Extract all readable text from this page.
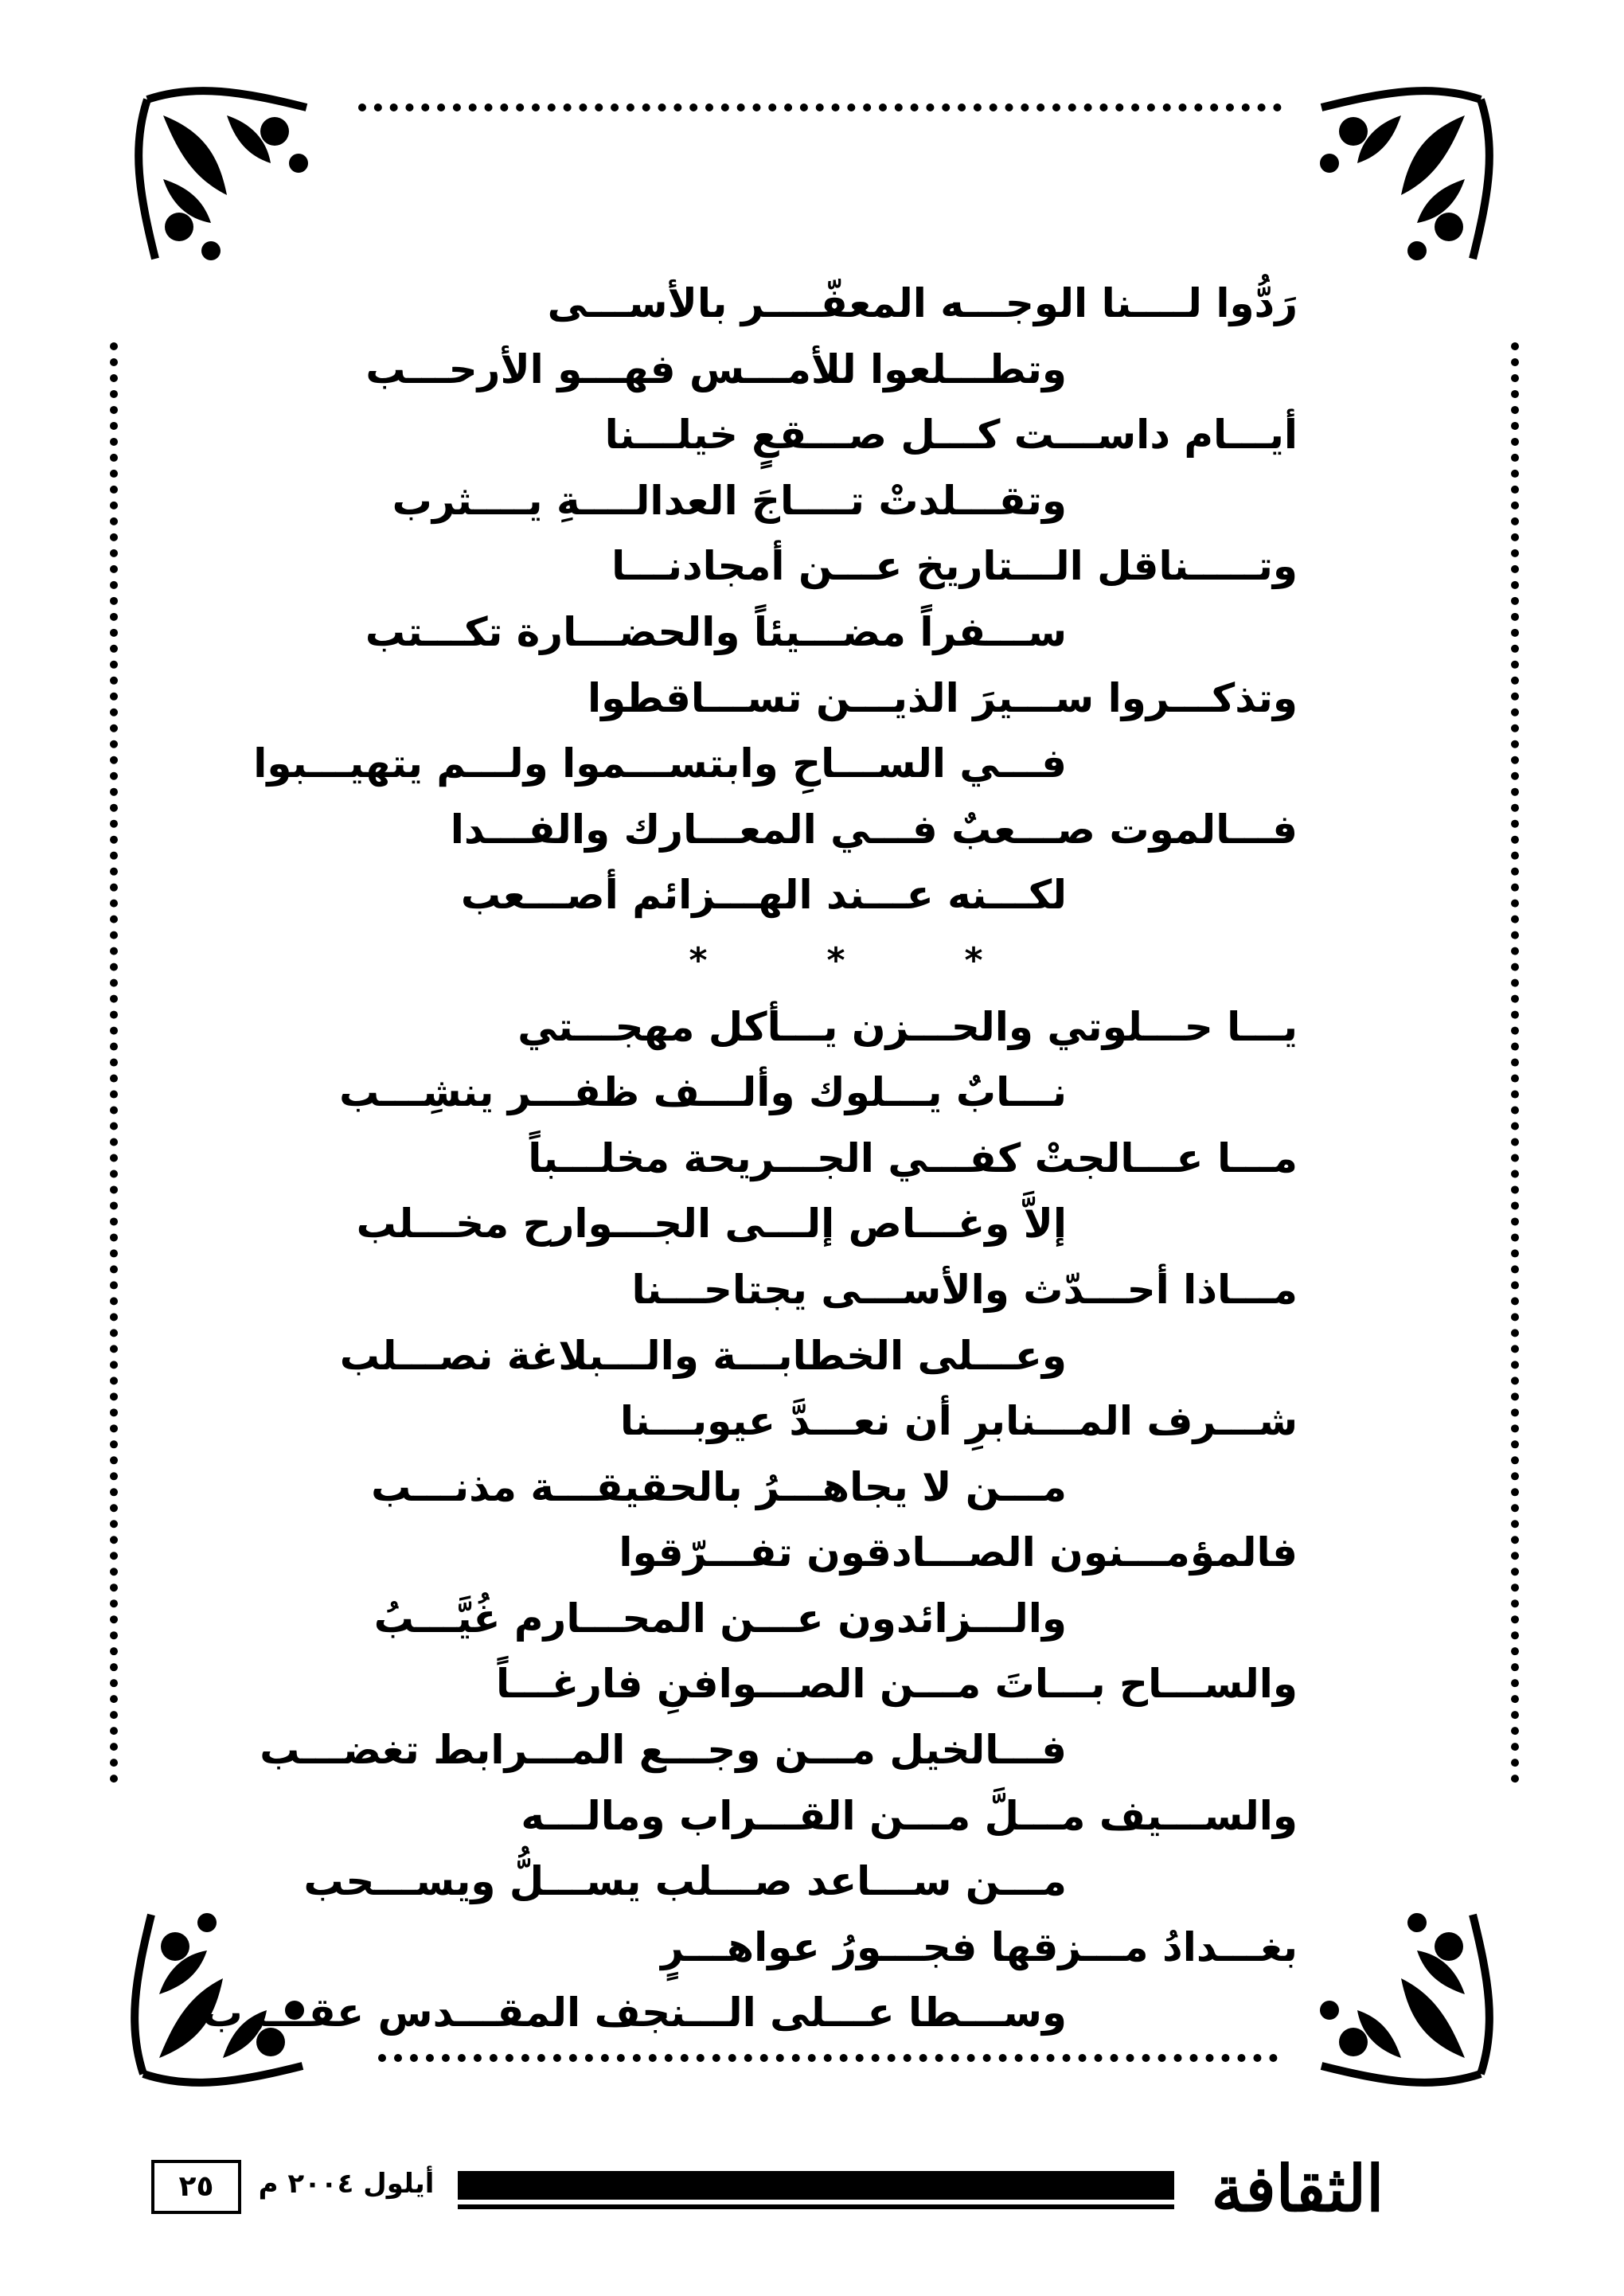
رَدُّوا لــــنا الوجـــه المعفّــــر بالأســـى
وتطـــلعوا للأمـــس فهـــو الأرحـــب
أيـــام داســـت كـــل صـــقعٍ خيلـــنا
وتقـــلدتْ تــــاجَ العدالــــةِ يــــثرب
وتـــــناقل الـــتاريخ عـــن أمجادنـــا
ســـفراً مضـــيئاً والحضـــارة تكـــتب
وتذكـــروا ســـيرَ الذيـــن تســـاقطوا
فـــي الســـاحِ وابتســـموا ولـــم يتهيـــبوا
فـــالموت صـــعبٌ فـــي المعـــارك والفـــدا
لكـــنه عـــند الهـــزائم أصـــعب
*
*
*
يـــا حـــلوتي والحـــزن يـــأكل مهجـــتي
نـــابٌ يـــلوك وألـــف ظفـــر ينشِـــب
مـــا عـــالجتْ كفـــي الجـــريحة مخلـــباً
إلاَّ وغـــاص إلـــى الجـــوارح مخـــلب
مـــاذا أحـــدّث والأســـى يجتاحـــنا
وعـــلى الخطابـــة والـــبلاغة نصـــلب
شـــرف المـــنابرِ أن نعـــدَّ عيوبـــنا
مـــن لا يجاهـــرُ بالحقيقـــة مذنـــب
فالمؤمـــنون الصـــادقون تفـــرّقوا
والـــزائدون عـــن المحـــارم غُيَّـــبُ
والســـاح بـــاتَ مـــن الصـــوافنِ فارغـــاً
فـــالخيل مـــن وجـــع المـــرابط تغضـــب
والســـيف مـــلَّ مـــن القـــراب ومالـــه
مـــن ســـاعد صـــلب يســـلُّ ويســـحب
بغـــدادُ مـــزقها فجـــورُ عواهـــرٍ
وســـطا عـــلى الـــنجف المقـــدس عقـــرب
٢٥	أيلول ٢٠٠٤ م	الثقافة
